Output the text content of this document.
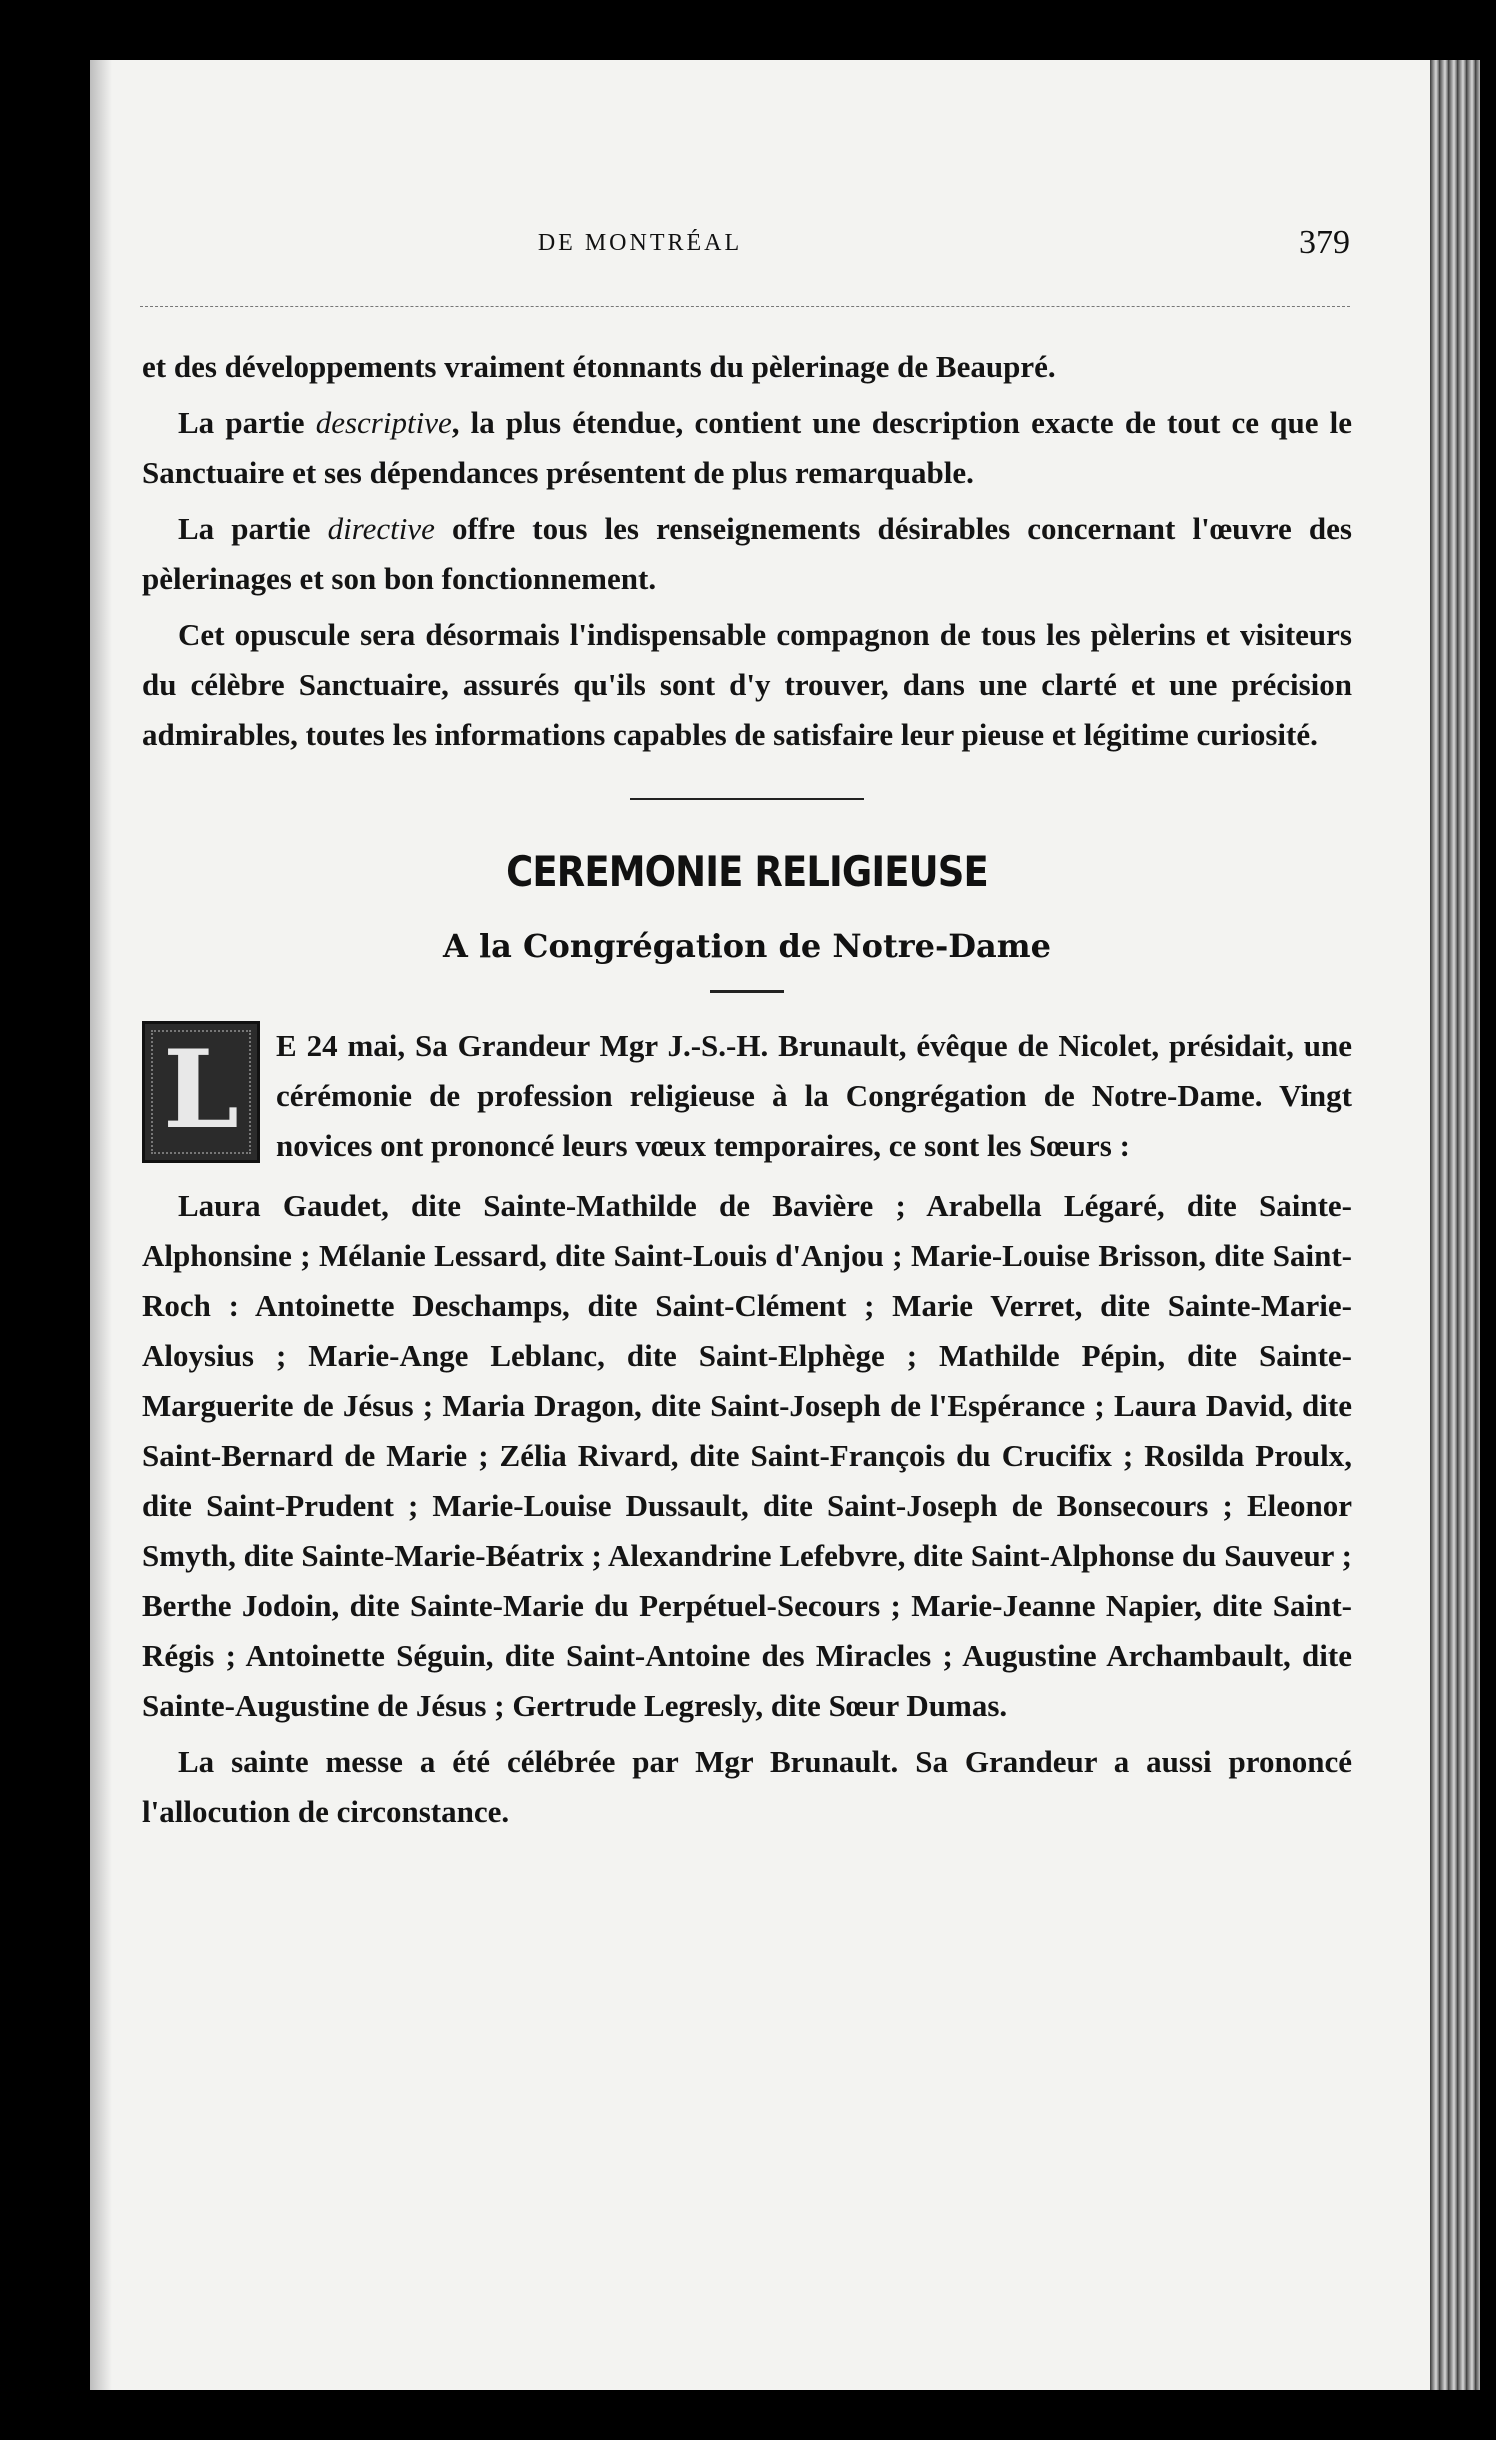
DE MONTRÉAL	379

et des développements vraiment étonnants du pèlerinage de Beaupré.

La partie descriptive, la plus étendue, contient une description exacte de tout ce que le Sanctuaire et ses dépendances présentent de plus remarquable.

La partie directive offre tous les renseignements désirables concernant l'œuvre des pèlerinages et son bon fonctionnement.

Cet opuscule sera désormais l'indispensable compagnon de tous les pèlerins et visiteurs du célèbre Sanctuaire, assurés qu'ils sont d'y trouver, dans une clarté et une précision admirables, toutes les informations capables de satisfaire leur pieuse et légitime curiosité.

CEREMONIE RELIGIEUSE
A la Congrégation de Notre-Dame

L	E 24 mai, Sa Grandeur Mgr J.-S.-H. Brunault, évêque de Nicolet, présidait, une cérémonie de profession religieuse à la Congrégation de Notre-Dame. Vingt novices ont prononcé leurs vœux temporaires, ce sont les Sœurs :

Laura Gaudet, dite Sainte-Mathilde de Bavière ; Arabella Légaré, dite Sainte- Alphonsine ; Mélanie Lessard, dite Saint-Louis d'Anjou ; Marie-Louise Brisson, dite Saint-Roch : Antoinette Deschamps, dite Saint-Clément ; Marie Verret, dite Sainte-Marie-Aloysius ; Marie-Ange Leblanc, dite Saint-Elphège ; Mathilde Pépin, dite Sainte-Marguerite de Jésus ; Maria Dragon, dite Saint-Joseph de l'Espérance ; Laura David, dite Saint-Bernard de Marie ; Zélia Rivard, dite Saint-François du Crucifix ; Rosilda Proulx, dite Saint-Prudent ; Marie-Louise Dussault, dite Saint-Joseph de Bonsecours ; Eleonor Smyth, dite Sainte-Marie-Béatrix ; Alexandrine Lefebvre, dite Saint-Alphonse du Sauveur ; Berthe Jodoin, dite Sainte-Marie du Perpétuel-Secours ; Marie-Jeanne Napier, dite Saint-Régis ; Antoinette Séguin, dite Saint-Antoine des Miracles ; Augustine Archambault, dite Sainte-Augustine de Jésus ; Gertrude Legresly, dite Sœur Dumas.

La sainte messe a été célébrée par Mgr Brunault. Sa Grandeur a aussi prononcé l'allocution de circonstance.
